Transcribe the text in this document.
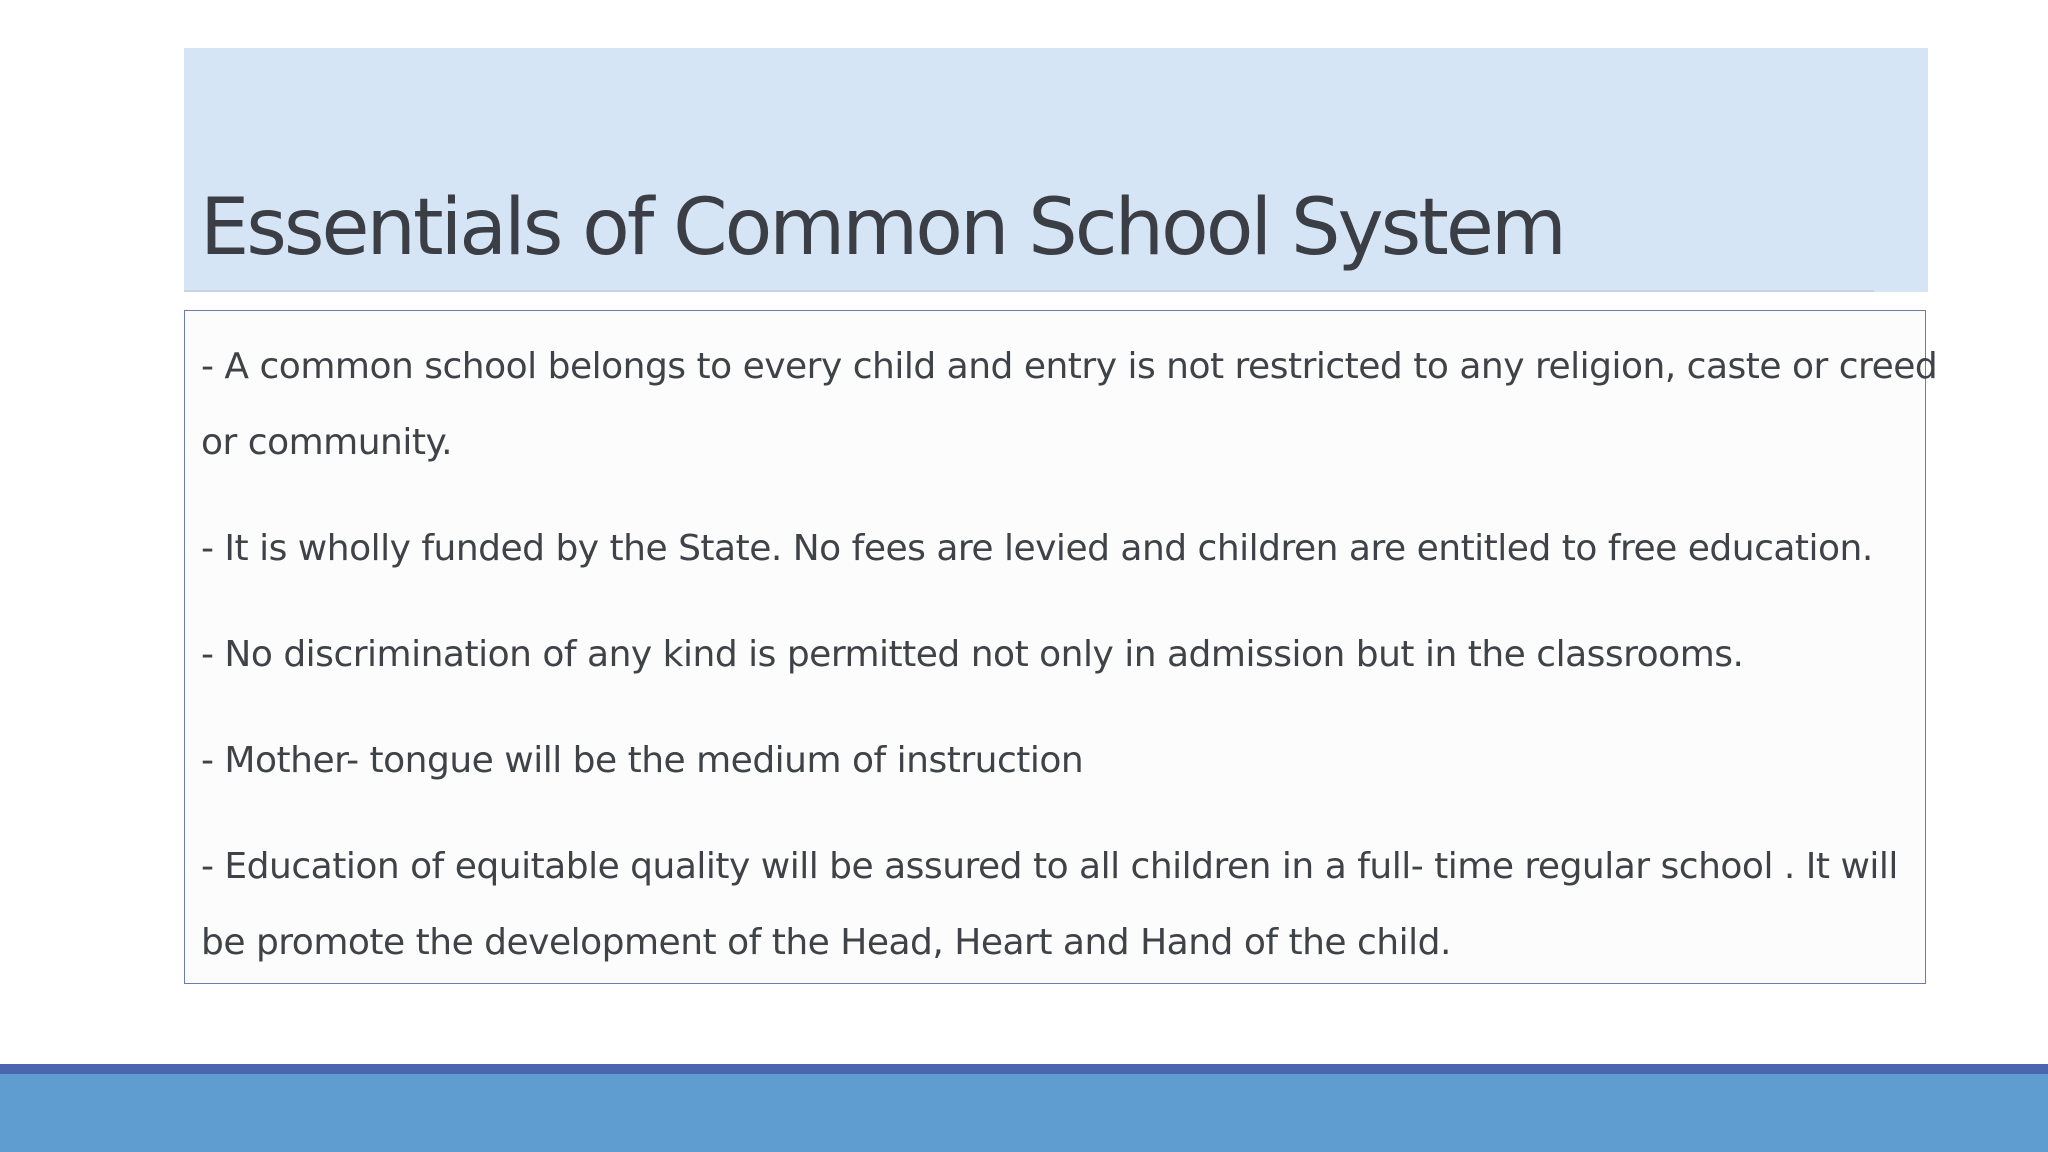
Essentials of Common School System

- A common school belongs to every child and entry is not restricted to any religion, caste or creed or community.

- It is wholly funded by the State. No fees are levied and children are entitled to free education.

- No discrimination of any kind is permitted not only in admission but in the classrooms.

- Mother- tongue will be the medium of instruction

- Education of equitable quality will be assured to all children in a full- time regular school . It will be promote the development of the Head, Heart and Hand of the child.
